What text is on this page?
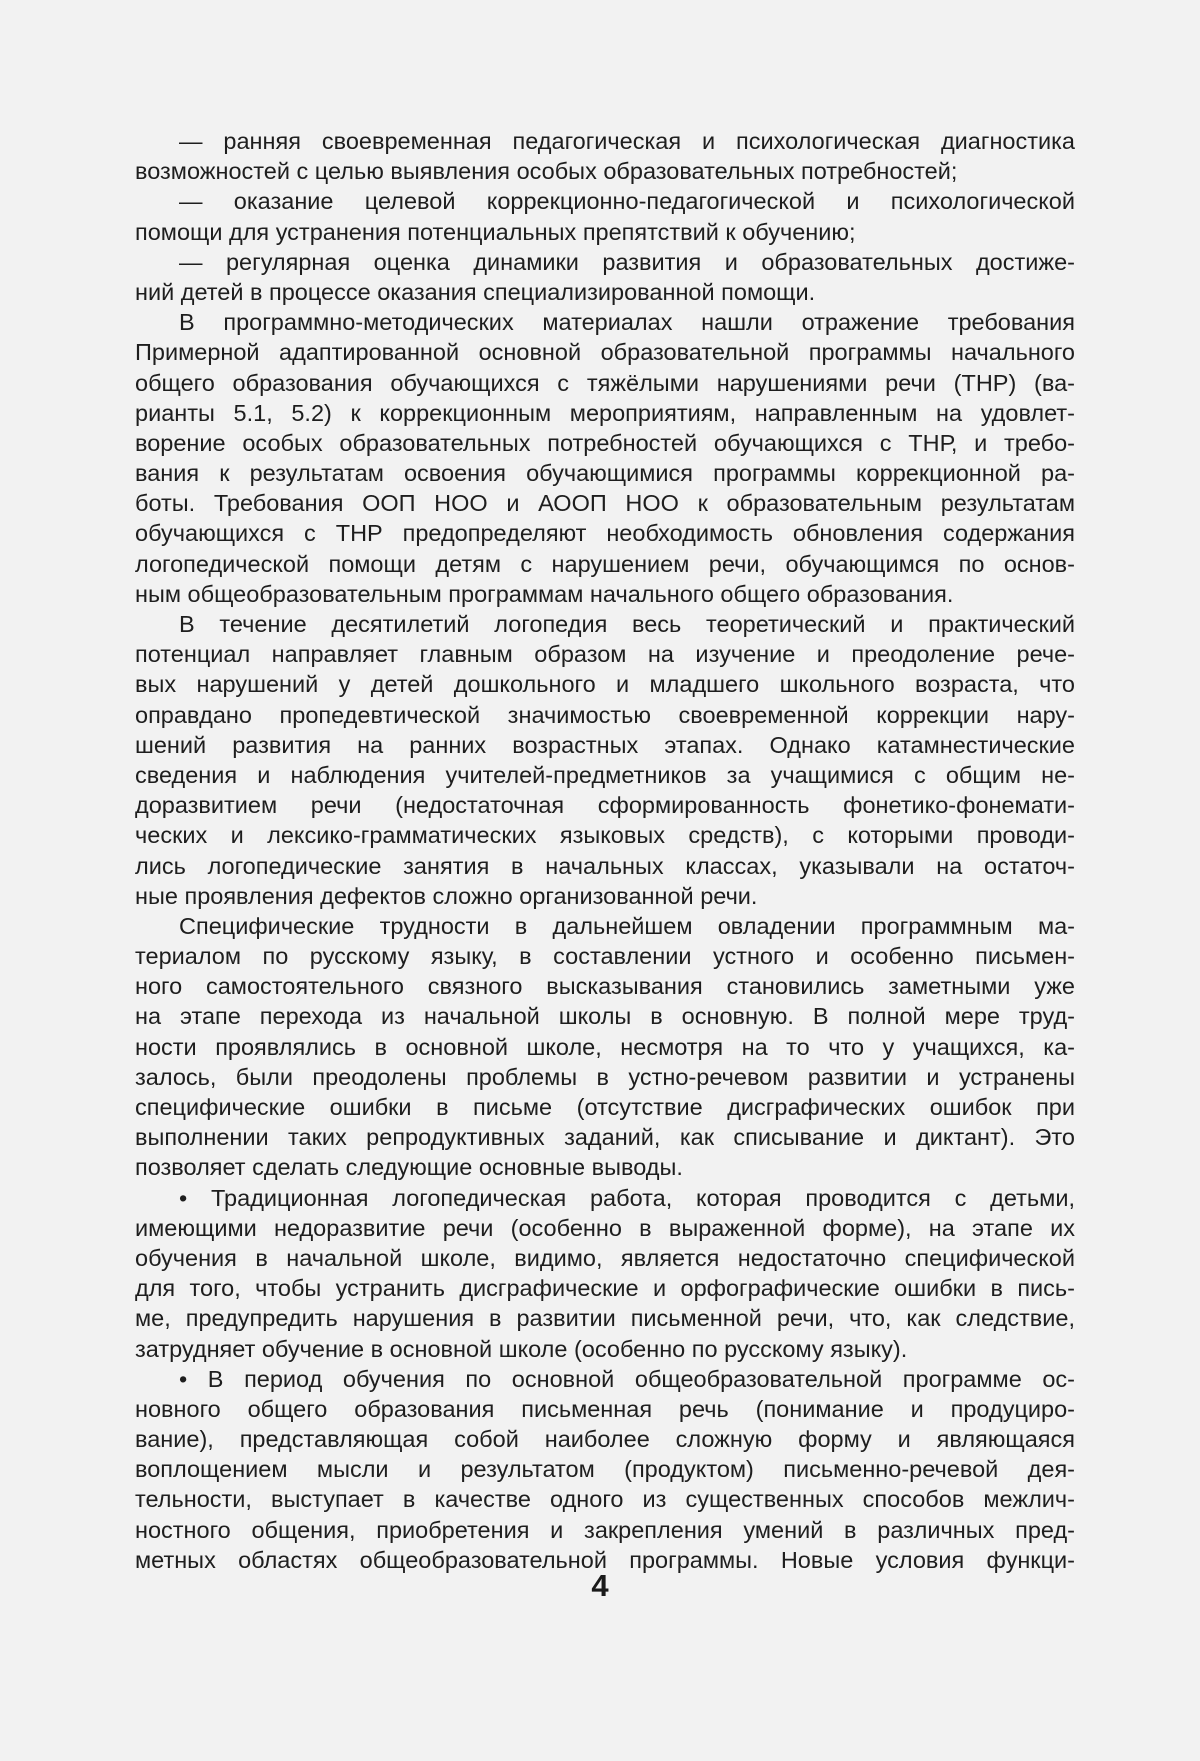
— ранняя своевременная педагогическая и психологическая диагностика
возможностей с целью выявления особых образовательных потребностей;
— оказание целевой коррекционно-педагогической и психологической
помощи для устранения потенциальных препятствий к обучению;
— регулярная оценка динамики развития и образовательных достиже-
ний детей в процессе оказания специализированной помощи.
В программно-методических материалах нашли отражение требования
Примерной адаптированной основной образовательной программы начального
общего образования обучающихся с тяжёлыми нарушениями речи (ТНР) (ва-
рианты 5.1, 5.2) к коррекционным мероприятиям, направленным на удовлет-
ворение особых образовательных потребностей обучающихся с ТНР, и требо-
вания к результатам освоения обучающимися программы коррекционной ра-
боты. Требования ООП НОО и АООП НОО к образовательным результатам
обучающихся с ТНР предопределяют необходимость обновления содержания
логопедической помощи детям с нарушением речи, обучающимся по основ-
ным общеобразовательным программам начального общего образования.
В течение десятилетий логопедия весь теоретический и практический
потенциал направляет главным образом на изучение и преодоление рече-
вых нарушений у детей дошкольного и младшего школьного возраста, что
оправдано пропедевтической значимостью своевременной коррекции нару-
шений развития на ранних возрастных этапах. Однако катамнестические
сведения и наблюдения учителей-предметников за учащимися с общим не-
доразвитием речи (недостаточная сформированность фонетико-фонемати-
ческих и лексико-грамматических языковых средств), с которыми проводи-
лись логопедические занятия в начальных классах, указывали на остаточ-
ные проявления дефектов сложно организованной речи.
Специфические трудности в дальнейшем овладении программным ма-
териалом по русскому языку, в составлении устного и особенно письмен-
ного самостоятельного связного высказывания становились заметными уже
на этапе перехода из начальной школы в основную. В полной мере труд-
ности проявлялись в основной школе, несмотря на то что у учащихся, ка-
залось, были преодолены проблемы в устно-речевом развитии и устранены
специфические ошибки в письме (отсутствие дисграфических ошибок при
выполнении таких репродуктивных заданий, как списывание и диктант). Это
позволяет сделать следующие основные выводы.
• Традиционная логопедическая работа, которая проводится с детьми,
имеющими недоразвитие речи (особенно в выраженной форме), на этапе их
обучения в начальной школе, видимо, является недостаточно специфической
для того, чтобы устранить дисграфические и орфографические ошибки в пись-
ме, предупредить нарушения в развитии письменной речи, что, как следствие,
затрудняет обучение в основной школе (особенно по русскому языку).
• В период обучения по основной общеобразовательной программе ос-
новного общего образования письменная речь (понимание и продуциро-
вание), представляющая собой наиболее сложную форму и являющаяся
воплощением мысли и результатом (продуктом) письменно-речевой дея-
тельности, выступает в качестве одного из существенных способов межлич-
ностного общения, приобретения и закрепления умений в различных пред-
метных областях общеобразовательной программы. Новые условия функци-
4
